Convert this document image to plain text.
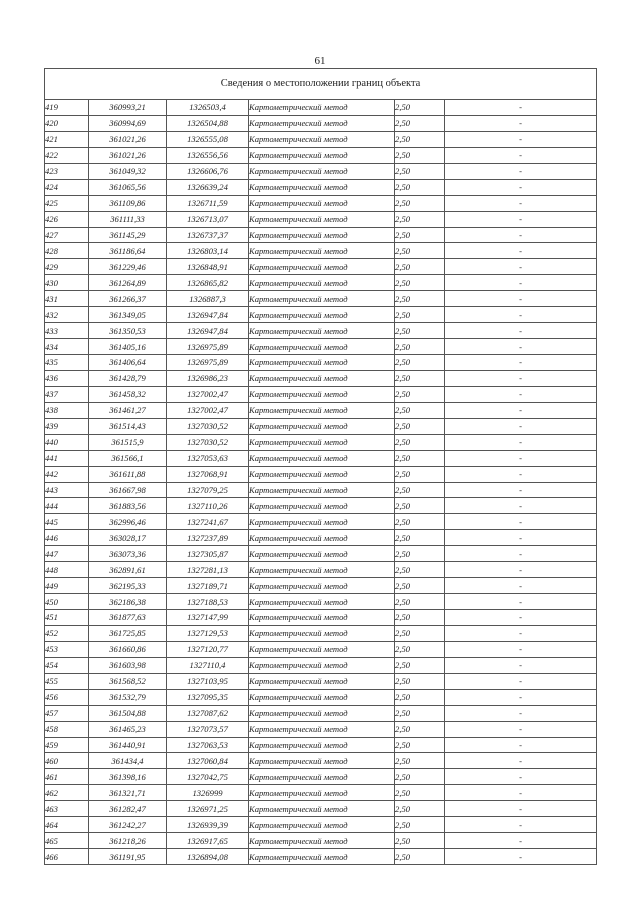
61
Сведения о местоположении границ объекта					
419	360993,21	1326503,4	Картометрический метод	2,50	-
420	360994,69	1326504,88	Картометрический метод	2,50	-
421	361021,26	1326555,08	Картометрический метод	2,50	-
422	361021,26	1326556,56	Картометрический метод	2,50	-
423	361049,32	1326606,76	Картометрический метод	2,50	-
424	361065,56	1326639,24	Картометрический метод	2,50	-
425	361109,86	1326711,59	Картометрический метод	2,50	-
426	361111,33	1326713,07	Картометрический метод	2,50	-
427	361145,29	1326737,37	Картометрический метод	2,50	-
428	361186,64	1326803,14	Картометрический метод	2,50	-
429	361229,46	1326848,91	Картометрический метод	2,50	-
430	361264,89	1326865,82	Картометрический метод	2,50	-
431	361266,37	1326887,3	Картометрический метод	2,50	-
432	361349,05	1326947,84	Картометрический метод	2,50	-
433	361350,53	1326947,84	Картометрический метод	2,50	-
434	361405,16	1326975,89	Картометрический метод	2,50	-
435	361406,64	1326975,89	Картометрический метод	2,50	-
436	361428,79	1326986,23	Картометрический метод	2,50	-
437	361458,32	1327002,47	Картометрический метод	2,50	-
438	361461,27	1327002,47	Картометрический метод	2,50	-
439	361514,43	1327030,52	Картометрический метод	2,50	-
440	361515,9	1327030,52	Картометрический метод	2,50	-
441	361566,1	1327053,63	Картометрический метод	2,50	-
442	361611,88	1327068,91	Картометрический метод	2,50	-
443	361667,98	1327079,25	Картометрический метод	2,50	-
444	361883,56	1327110,26	Картометрический метод	2,50	-
445	362996,46	1327241,67	Картометрический метод	2,50	-
446	363028,17	1327237,89	Картометрический метод	2,50	-
447	363073,36	1327305,87	Картометрический метод	2,50	-
448	362891,61	1327281,13	Картометрический метод	2,50	-
449	362195,33	1327189,71	Картометрический метод	2,50	-
450	362186,38	1327188,53	Картометрический метод	2,50	-
451	361877,63	1327147,99	Картометрический метод	2,50	-
452	361725,85	1327129,53	Картометрический метод	2,50	-
453	361660,86	1327120,77	Картометрический метод	2,50	-
454	361603,98	1327110,4	Картометрический метод	2,50	-
455	361568,52	1327103,95	Картометрический метод	2,50	-
456	361532,79	1327095,35	Картометрический метод	2,50	-
457	361504,88	1327087,62	Картометрический метод	2,50	-
458	361465,23	1327073,57	Картометрический метод	2,50	-
459	361440,91	1327063,53	Картометрический метод	2,50	-
460	361434,4	1327060,84	Картометрический метод	2,50	-
461	361398,16	1327042,75	Картометрический метод	2,50	-
462	361321,71	1326999	Картометрический метод	2,50	-
463	361282,47	1326971,25	Картометрический метод	2,50	-
464	361242,27	1326939,39	Картометрический метод	2,50	-
465	361218,26	1326917,65	Картометрический метод	2,50	-
466	361191,95	1326894,08	Картометрический метод	2,50	-
